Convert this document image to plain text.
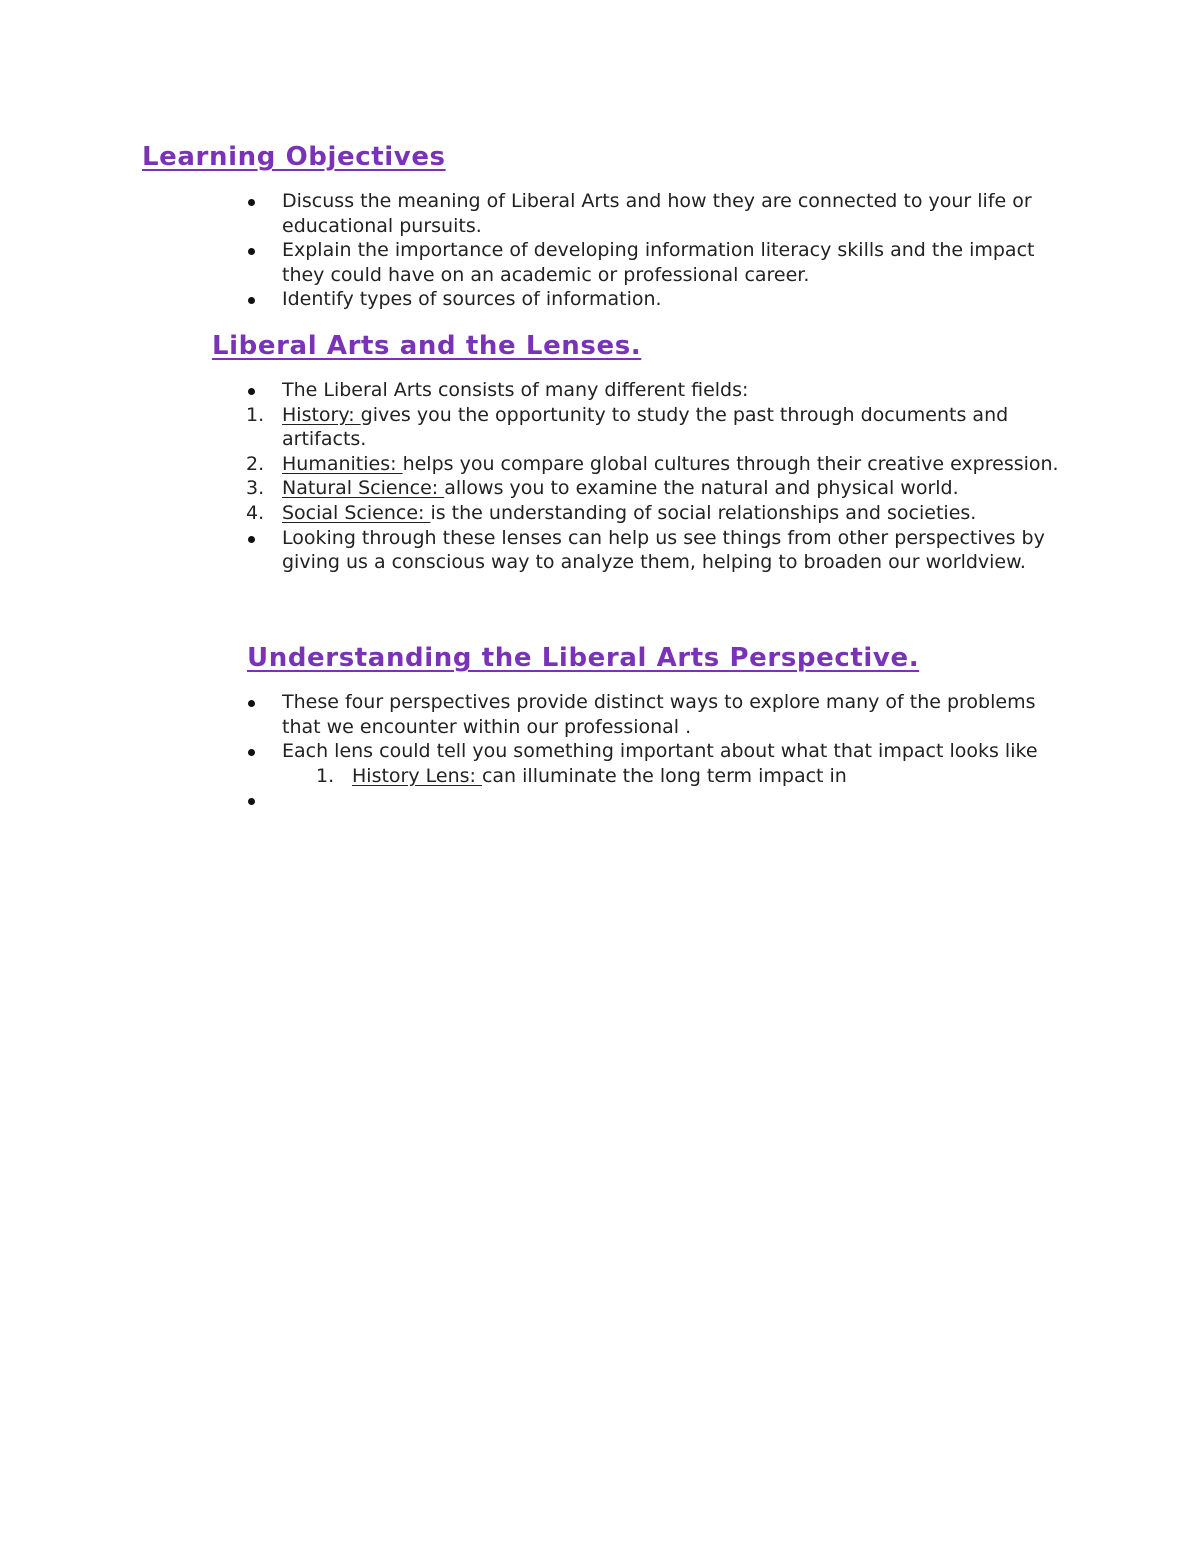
Learning Objectives
Discuss the meaning of Liberal Arts and how they are connected to your life or educational pursuits.
Explain the importance of developing information literacy skills and the impact they could have on an academic or professional career.
Identify types of sources of information.
Liberal Arts and the Lenses.
The Liberal Arts consists of many different fields:
1. History: gives you the opportunity to study the past through documents and artifacts.
2. Humanities: helps you compare global cultures through their creative expression.
3. Natural Science: allows you to examine the natural and physical world.
4. Social Science: is the understanding of social relationships and societies.
Looking through these lenses can help us see things from other perspectives by giving us a conscious way to analyze them, helping to broaden our worldview.
Understanding the Liberal Arts Perspective.
These four perspectives provide distinct ways to explore many of the problems that we encounter within our professional .
Each lens could tell you something important about what that impact looks like
1. History Lens: can illuminate the long term impact in
